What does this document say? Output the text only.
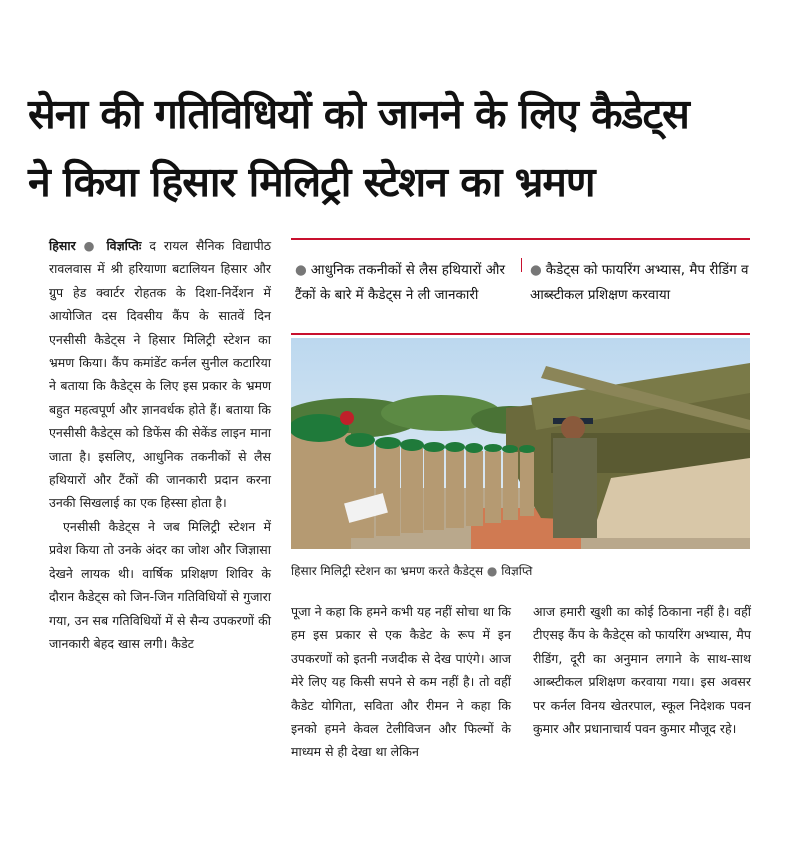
सेना की गतिविधियों को जानने के लिए कैडेट्स
ने किया हिसार मिलिट्री स्टेशन का भ्रमण

हिसार ● विज्ञप्तिः द रायल सैनिक विद्यापीठ रावलवास में श्री हरियाणा बटालियन हिसार और ग्रुप हेड क्वार्टर रोहतक के दिशा-निर्देशन में आयोजित दस दिवसीय कैंप के सातवें दिन एनसीसी कैडेट्स ने हिसार मिलिट्री स्टेशन का भ्रमण किया। कैंप कमांडेंट कर्नल सुनील कटारिया ने बताया कि कैडेट्स के लिए इस प्रकार के भ्रमण बहुत महत्वपूर्ण और ज्ञानवर्धक होते हैं। बताया कि एनसीसी कैडेट्स को डिफेंस की सेकेंड लाइन माना जाता है। इसलिए, आधुनिक तकनीकों से लैस हथियारों और टैंकों की जानकारी प्रदान करना उनकी सिखलाई का एक हिस्सा होता है।

एनसीसी कैडेट्स ने जब मिलिट्री स्टेशन में प्रवेश किया तो उनके अंदर का जोश और जिज्ञासा देखने लायक थी। वार्षिक प्रशिक्षण शिविर के दौरान कैडेट्स को जिन-जिन गतिविधियों से गुजारा गया, उन सब गतिविधियों में से सैन्य उपकरणों की जानकारी बेहद खास लगी। कैडेट

● आधुनिक तकनीकों से लैस हथियारों और टैंकों के बारे में कैडेट्स ने ली जानकारी
● कैडेट्स को फायरिंग अभ्यास, मैप रीडिंग व आब्स्टीकल प्रशिक्षण करवाया
हिसार मिलिट्री स्टेशन का भ्रमण करते कैडेट्स ● विज्ञप्ति

पूजा ने कहा कि हमने कभी यह नहीं सोचा था कि हम इस प्रकार से एक कैडेट के रूप में इन उपकरणों को इतनी नजदीक से देख पाएंगे। आज मेरे लिए यह किसी सपने से कम नहीं है। तो वहीं कैडेट योगिता, सविता और रीमन ने कहा कि इनको हमने केवल टेलीविजन और फिल्मों के माध्यम से ही देखा था लेकिन

आज हमारी खुशी का कोई ठिकाना नहीं है। वहीं टीएसइ कैंप के कैडेट्स को फायरिंग अभ्यास, मैप रीडिंग, दूरी का अनुमान लगाने के साथ-साथ आब्स्टीकल प्रशिक्षण करवाया गया। इस अवसर पर कर्नल विनय खेतरपाल, स्कूल निदेशक पवन कुमार और प्रधानाचार्य पवन कुमार मौजूद रहे।
